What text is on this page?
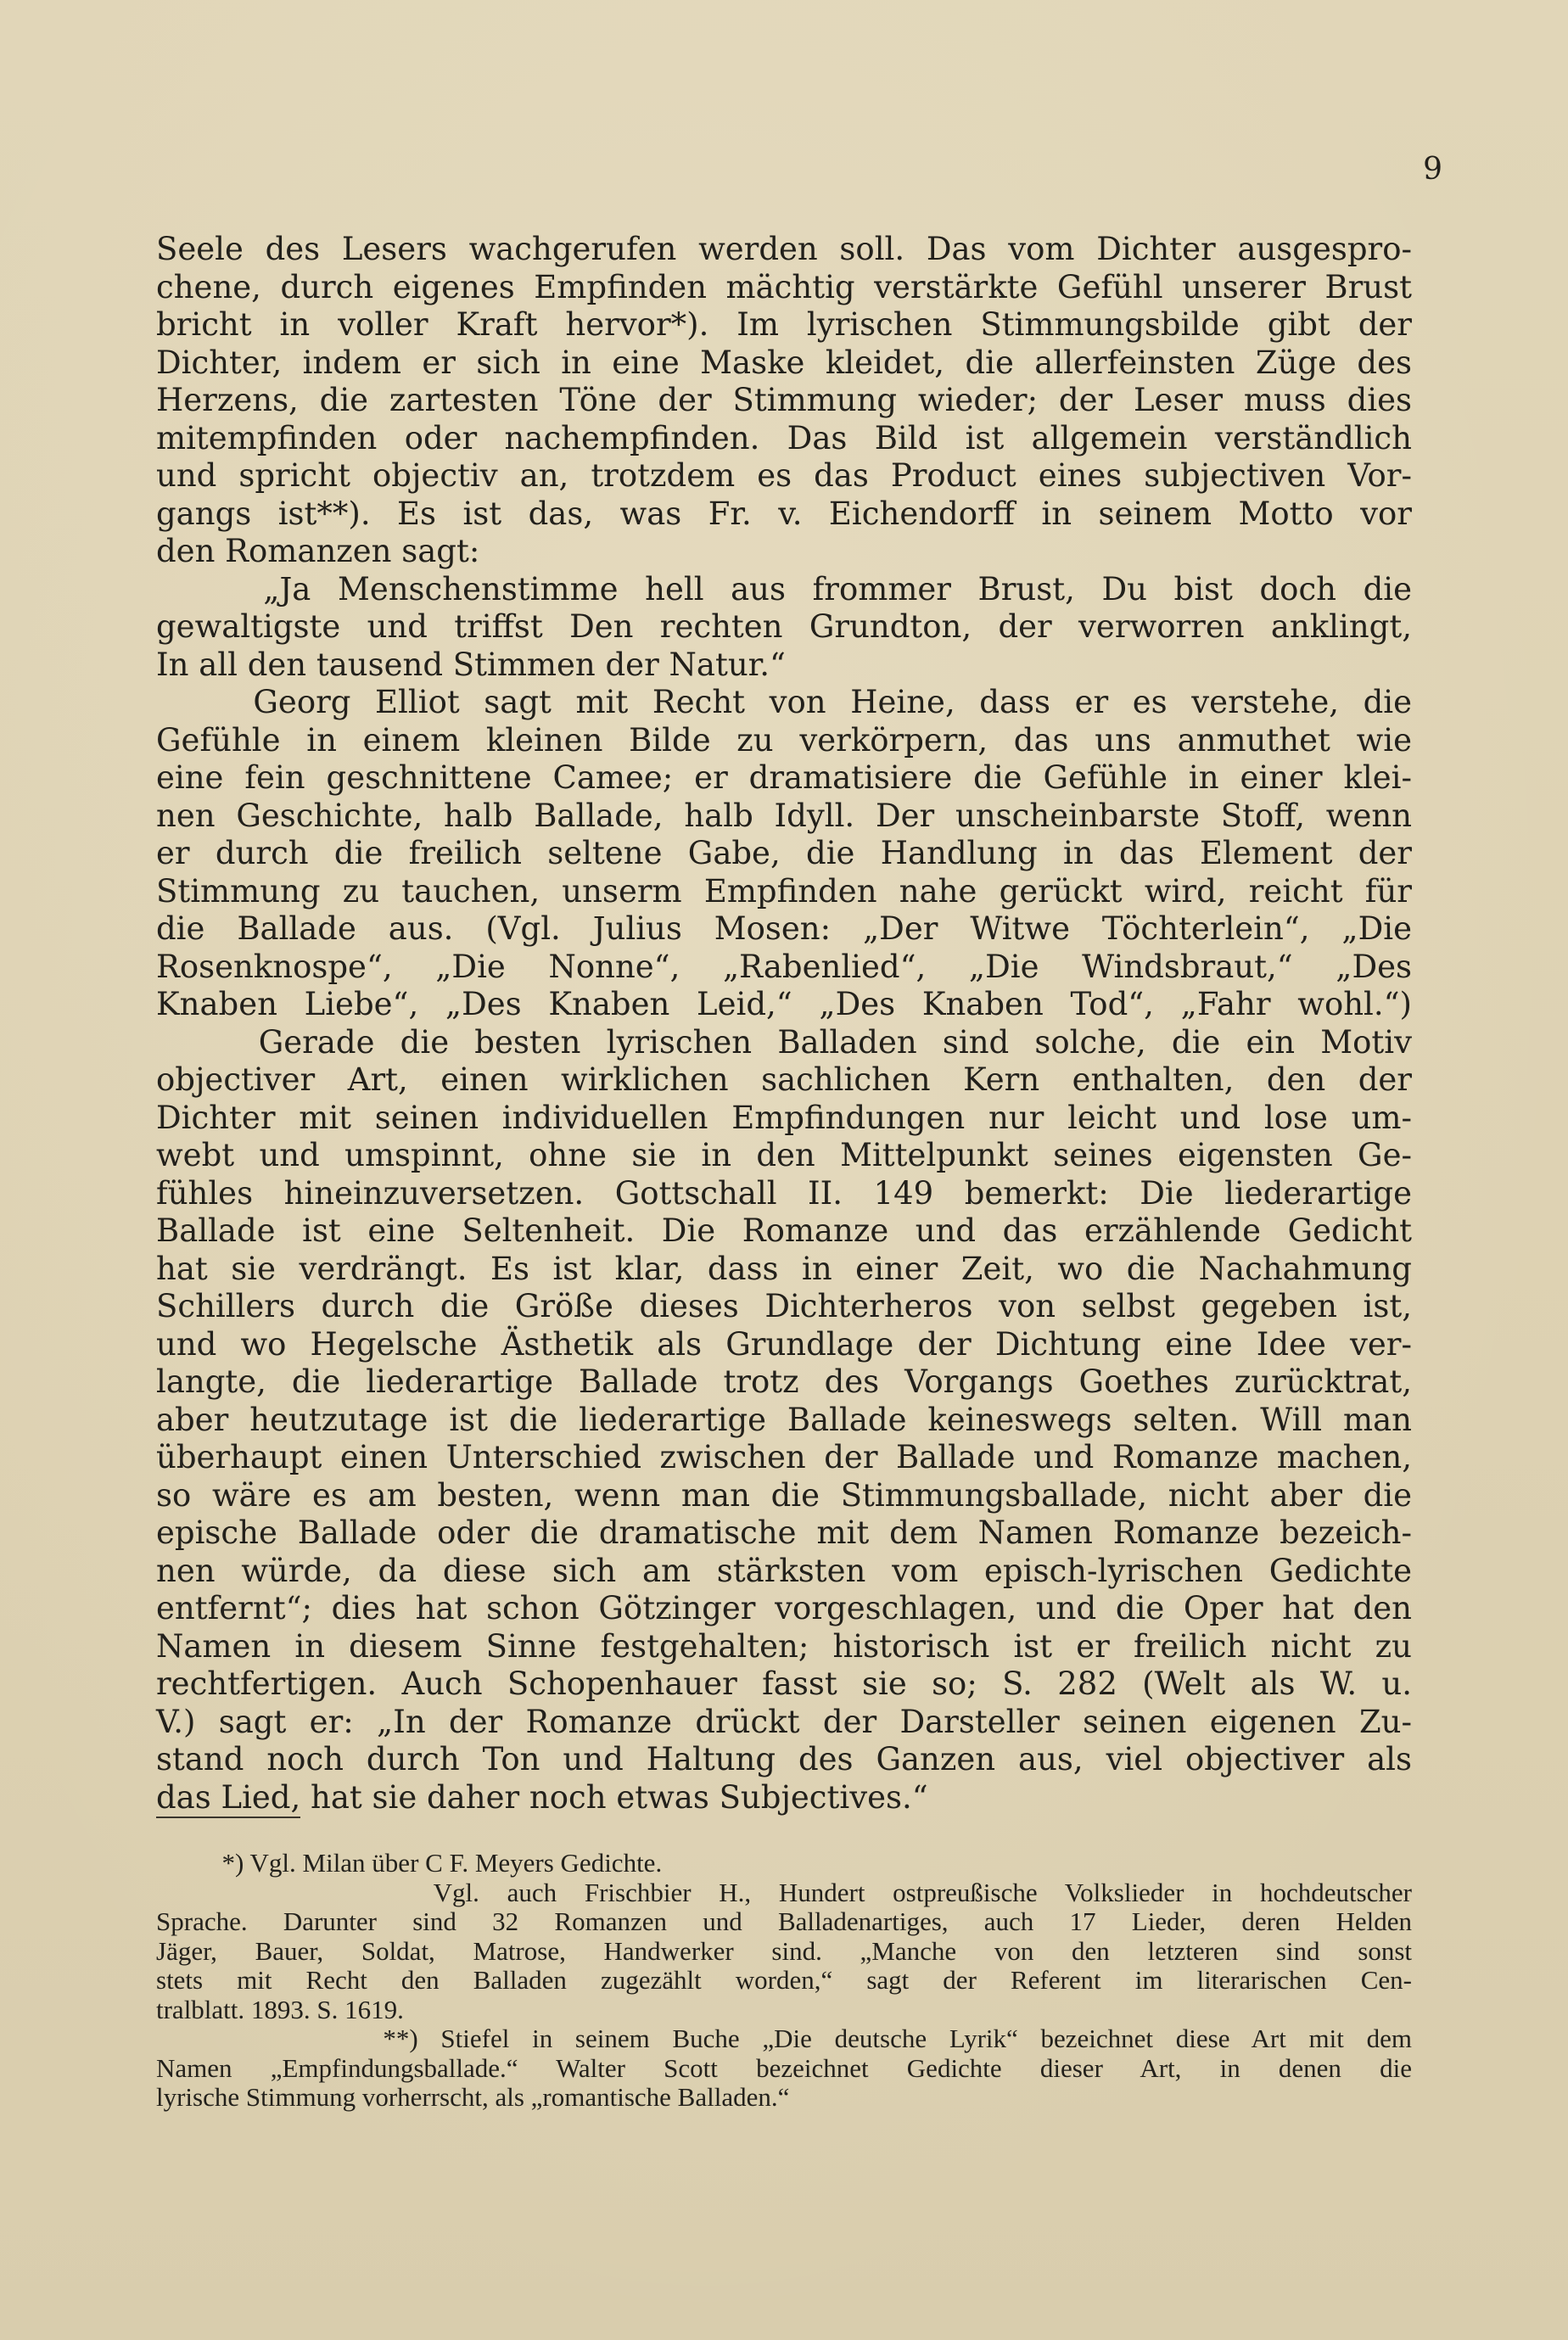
9
Seele des Lesers wachgerufen werden soll. Das vom Dichter ausgespro-
chene, durch eigenes Empfinden mächtig verstärkte Gefühl unserer Brust
bricht in voller Kraft hervor*). Im lyrischen Stimmungsbilde gibt der
Dichter, indem er sich in eine Maske kleidet, die allerfeinsten Züge des
Herzens, die zartesten Töne der Stimmung wieder; der Leser muss dies
mitempfinden oder nachempfinden. Das Bild ist allgemein verständlich
und spricht objectiv an, trotzdem es das Product eines subjectiven Vor-
gangs ist**). Es ist das, was Fr. v. Eichendorff in seinem Motto vor
den Romanzen sagt:
„Ja Menschenstimme hell aus frommer Brust, Du bist doch die
gewaltigste und triffst Den rechten Grundton, der verworren anklingt,
In all den tausend Stimmen der Natur.“
Georg Elliot sagt mit Recht von Heine, dass er es verstehe, die
Gefühle in einem kleinen Bilde zu verkörpern, das uns anmuthet wie
eine fein geschnittene Camee; er dramatisiere die Gefühle in einer klei-
nen Geschichte, halb Ballade, halb Idyll. Der unscheinbarste Stoff, wenn
er durch die freilich seltene Gabe, die Handlung in das Element der
Stimmung zu tauchen, unserm Empfinden nahe gerückt wird, reicht für
die Ballade aus. (Vgl. Julius Mosen: „Der Witwe Töchterlein“, „Die
Rosenknospe“, „Die Nonne“, „Rabenlied“, „Die Windsbraut,“ „Des
Knaben Liebe“, „Des Knaben Leid,“ „Des Knaben Tod“, „Fahr wohl.“)
Gerade die besten lyrischen Balladen sind solche, die ein Motiv
objectiver Art, einen wirklichen sachlichen Kern enthalten, den der
Dichter mit seinen individuellen Empfindungen nur leicht und lose um-
webt und umspinnt, ohne sie in den Mittelpunkt seines eigensten Ge-
fühles hineinzuversetzen. Gottschall II. 149 bemerkt: Die liederartige
Ballade ist eine Seltenheit. Die Romanze und das erzählende Gedicht
hat sie verdrängt. Es ist klar, dass in einer Zeit, wo die Nachahmung
Schillers durch die Größe dieses Dichterheros von selbst gegeben ist,
und wo Hegelsche Ästhetik als Grundlage der Dichtung eine Idee ver-
langte, die liederartige Ballade trotz des Vorgangs Goethes zurücktrat,
aber heutzutage ist die liederartige Ballade keineswegs selten. Will man
überhaupt einen Unterschied zwischen der Ballade und Romanze machen,
so wäre es am besten, wenn man die Stimmungsballade, nicht aber die
epische Ballade oder die dramatische mit dem Namen Romanze bezeich-
nen würde, da diese sich am stärksten vom episch-lyrischen Gedichte
entfernt“; dies hat schon Götzinger vorgeschlagen, und die Oper hat den
Namen in diesem Sinne festgehalten; historisch ist er freilich nicht zu
rechtfertigen. Auch Schopenhauer fasst sie so; S. 282 (Welt als W. u.
V.) sagt er: „In der Romanze drückt der Darsteller seinen eigenen Zu-
stand noch durch Ton und Haltung des Ganzen aus, viel objectiver als
das Lied, hat sie daher noch etwas Subjectives.“
*) Vgl. Milan über C F. Meyers Gedichte.
Vgl. auch Frischbier H., Hundert ostpreußische Volkslieder in hochdeutscher
Sprache. Darunter sind 32 Romanzen und Balladenartiges, auch 17 Lieder, deren Helden
Jäger, Bauer, Soldat, Matrose, Handwerker sind. „Manche von den letzteren sind sonst
stets mit Recht den Balladen zugezählt worden,“ sagt der Referent im literarischen Cen-
tralblatt. 1893. S. 1619.
**) Stiefel in seinem Buche „Die deutsche Lyrik“ bezeichnet diese Art mit dem
Namen „Empfindungsballade.“ Walter Scott bezeichnet Gedichte dieser Art, in denen die
lyrische Stimmung vorherrscht, als „romantische Balladen.“
